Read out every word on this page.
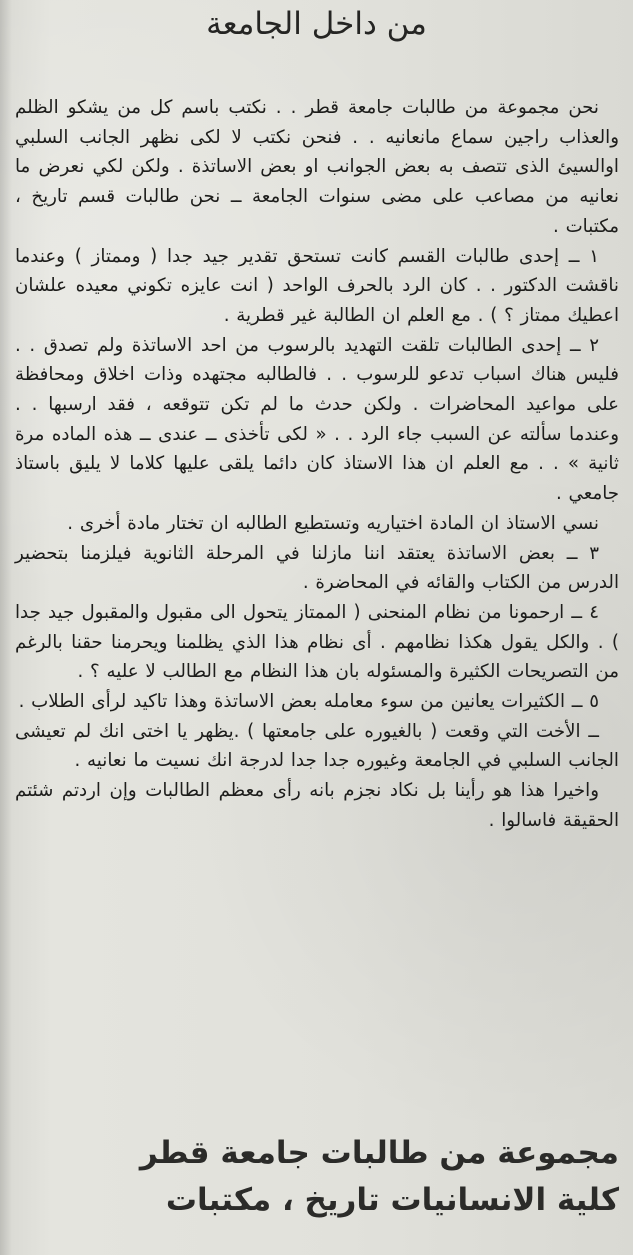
من داخل الجامعة

نحن مجموعة من طالبات جامعة قطر . . نكتب باسم كل من يشكو الظلم والعذاب راجين سماع مانعانيه . . فنحن نكتب لا لكى نظهر الجانب السلبي اوالسيئ الذى تتصف به بعض الجوانب او بعض الاساتذة . ولكن لكي نعرض ما نعانيه من مصاعب على مضى سنوات الجامعة ــ نحن طالبات قسم تاريخ ، مكتبات .

١ ــ إحدى طالبات القسم كانت تستحق تقدير جيد جدا ( وممتاز ) وعندما ناقشت الدكتور . . كان الرد بالحرف الواحد ( انت عايزه تكوني معيده علشان اعطيك ممتاز ؟ ) . مع العلم ان الطالبة غير قطرية .

٢ ــ إحدى الطالبات تلقت التهديد بالرسوب من احد الاساتذة ولم تصدق . . فليس هناك اسباب تدعو للرسوب . . فالطالبه مجتهده وذات اخلاق ومحافظة على مواعيد المحاضرات . ولكن حدث ما لم تكن تتوقعه ، فقد ارسبها . . وعندما سألته عن السبب جاء الرد . . « لكى تأخذى ــ عندى ــ هذه الماده مرة ثانية » . . مع العلم ان هذا الاستاذ كان دائما يلقى عليها كلاما لا يليق باستاذ جامعي .

نسي الاستاذ ان المادة اختياريه وتستطيع الطالبه ان تختار مادة أخرى .

٣ ــ بعض الاساتذة يعتقد اننا مازلنا في المرحلة الثانوية فيلزمنا بتحضير الدرس من الكتاب والقائه في المحاضرة .

٤ ــ ارحمونا من نظام المنحنى ( الممتاز يتحول الى مقبول والمقبول جيد جدا ) . والكل يقول هكذا نظامهم . أى نظام هذا الذي يظلمنا ويحرمنا حقنا بالرغم من التصريحات الكثيرة والمسئوله بان هذا النظام مع الطالب لا عليه ؟ .

٥ ــ الكثيرات يعانين من سوء معامله بعض الاساتذة وهذا تاكيد لرأى الطلاب .

ــ الأخت التي وقعت ( بالغيوره على جامعتها ) .يظهر يا اختى انك لم تعيشى الجانب السلبي في الجامعة وغيوره جدا جدا لدرجة انك نسيت ما نعانيه .

واخيرا هذا هو رأينا بل نكاد نجزم بانه رأى معظم الطالبات وإن اردتم شئتم الحقيقة فاسالوا .

مجموعة من طالبات جامعة قطر
كلية الانسانيات تاريخ ، مكتبات
